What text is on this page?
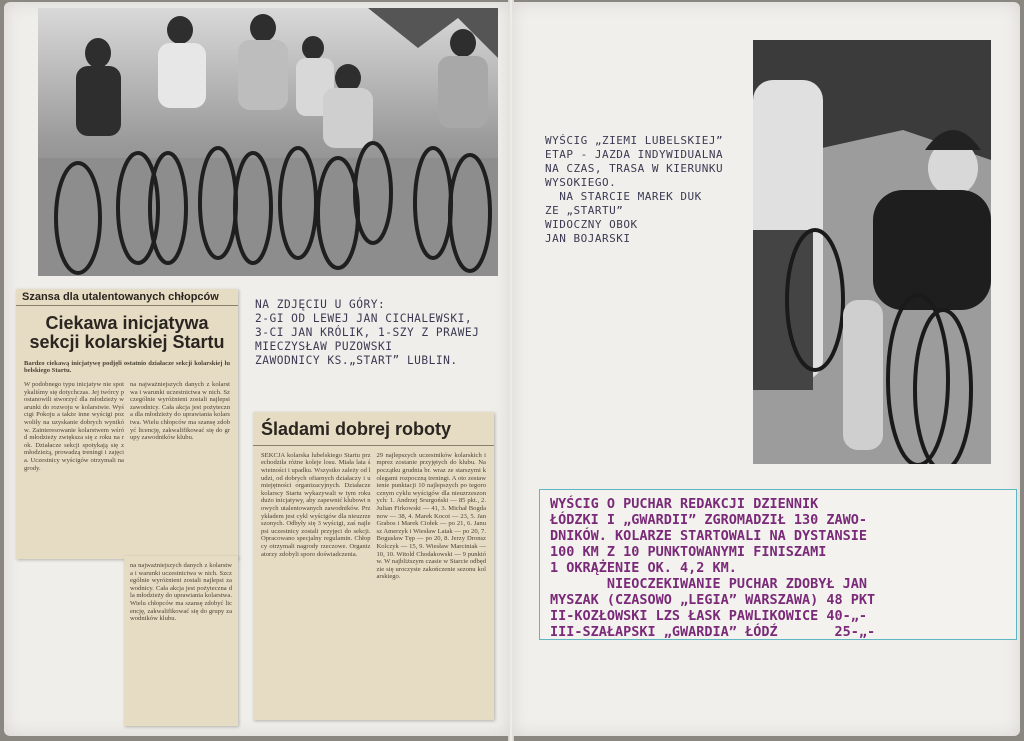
NA ZDJĘCIU U GÓRY:
2-GI OD LEWEJ JAN CICHALEWSKI,
3-CI JAN KRÓLIK, 1-SZY Z PRAWEJ
MIECZYSŁAW PUZOWSKI
ZAWODNICY KS.„START” LUBLIN.
Szansa dla utalentowanych chłopców
Ciekawa inicjatywa sekcji kolarskiej Startu
Bardzo ciekawą inicjatywę podjęli ostatnio działacze sekcji kolarskiej lubelskiego Startu.
W podobnego typu inicjatyw nie spotykaliśmy się dotychczas. Jej twórcy postanowili stworzyć dla młodzieży warunki do rozwoju w kolarstwie. Wyścigi Pokoju a także inne wyścigi pozwoliły na uzyskanie dobrych wyników. Zainteresowanie kolarstwem wśród młodzieży zwiększa się z roku na rok. Działacze sekcji spotykają się z młodzieżą, prowadzą treningi i zajęcia. Uczestnicy wyścigów otrzymali nagrody.
na najważniejszych danych z kolarstwa i warunki uczestnictwa w nich. Szczególnie wyróżnieni zostali najlepsi zawodnicy. Cała akcja jest pożyteczna dla młodzieży do uprawiania kolarstwa. Wielu chłopców ma szansę zdobyć licencję, zakwalifikować się do grupy zawodników klubu.
na najważniejszych danych z kolarstwa i warunki uczestnictwa w nich. Szczególnie wyróżnieni zostali najlepsi zawodnicy. Cała akcja jest pożyteczna dla młodzieży do uprawiania kolarstwa. Wielu chłopców ma szansę zdobyć licencję, zakwalifikować się do grupy zawodników klubu.
Śladami dobrej roboty
SEKCJA kolarska lubelskiego Startu przechodziła różne koleje losu. Miała lata świetności i upadku. Wszystko zależy od ludzi, od dobrych ofiarnych działaczy i umiejętności organizacyjnych. Działacze kolarscy Startu wykazywali w tym roku dużo inicjatywy, aby zapewnić klubowi nowych utalentowanych zawodników. Przykładem jest cykl wyścigów dla nieuzrzeszonych. Odbyły się 3 wyścigi, zaś najlepsi uczestnicy zostali przyjęci do sekcji. Opracowano specjalny regulamin. Chłopcy otrzymali nagrody rzeczowe. Organizatorzy zdobyli sporo doświadczenia.
29 najlepszych uczestników kolarskich imprez zostanie przyjętych do klubu. Na początku grudnia br. wraz ze starszymi kolegami rozpoczną treningi. A oto zestawienie punktacji 10 najlepszych po tegorocznym cyklu wyścigów dla nieuzrzeszonych: 1. Andrzej Srurgoński — 85 pkt., 2. Julian Firkowski — 41, 3. Michał Bogdanow — 38, 4. Marek Kocot — 23, 5. Jan Grabos i Marek Ciołek — po 21, 6. Janusz Amerzyk i Wiesław Latak — po 20, 7. Bogusław Tęp — po 20, 8. Jerzy Dronsz Kolczyk — 15, 9. Wiesław Marciniak — 10, 10. Witold Chodakowski — 9 punktów. W najbliższym czasie w Starcie odbędzie się uroczyste zakończenie sezonu kolarskiego.
WYŚCIG „ZIEMI LUBELSKIEJ”
ETAP - JAZDA INDYWIDUALNA
NA CZAS, TRASA W KIERUNKU
WYSOKIEGO.
NA STARCIE MAREK DUK
ZE „STARTU”
WIDOCZNY OBOK
JAN BOJARSKI
WYŚCIG O PUCHAR REDAKCJI DZIENNIK
ŁÓDZKI I „GWARDII” ZGROMADZIŁ 130 ZAWO-
DNIKÓW. KOLARZE STARTOWALI NA DYSTANSIE
100 KM Z 10 PUNKTOWANYMI FINISZAMI
1 OKRĄŻENIE OK. 4,2 KM.
NIEOCZEKIWANIE PUCHAR ZDOBYŁ JAN
MYSZAK (CZASOWO „LEGIA” WARSZAWA) 48 PKT
II-KOZŁOWSKI LZS ŁASK PAWLIKOWICE 40-„-
III-SZAŁAPSKI „GWARDIA” ŁÓDŹ       25-„-
